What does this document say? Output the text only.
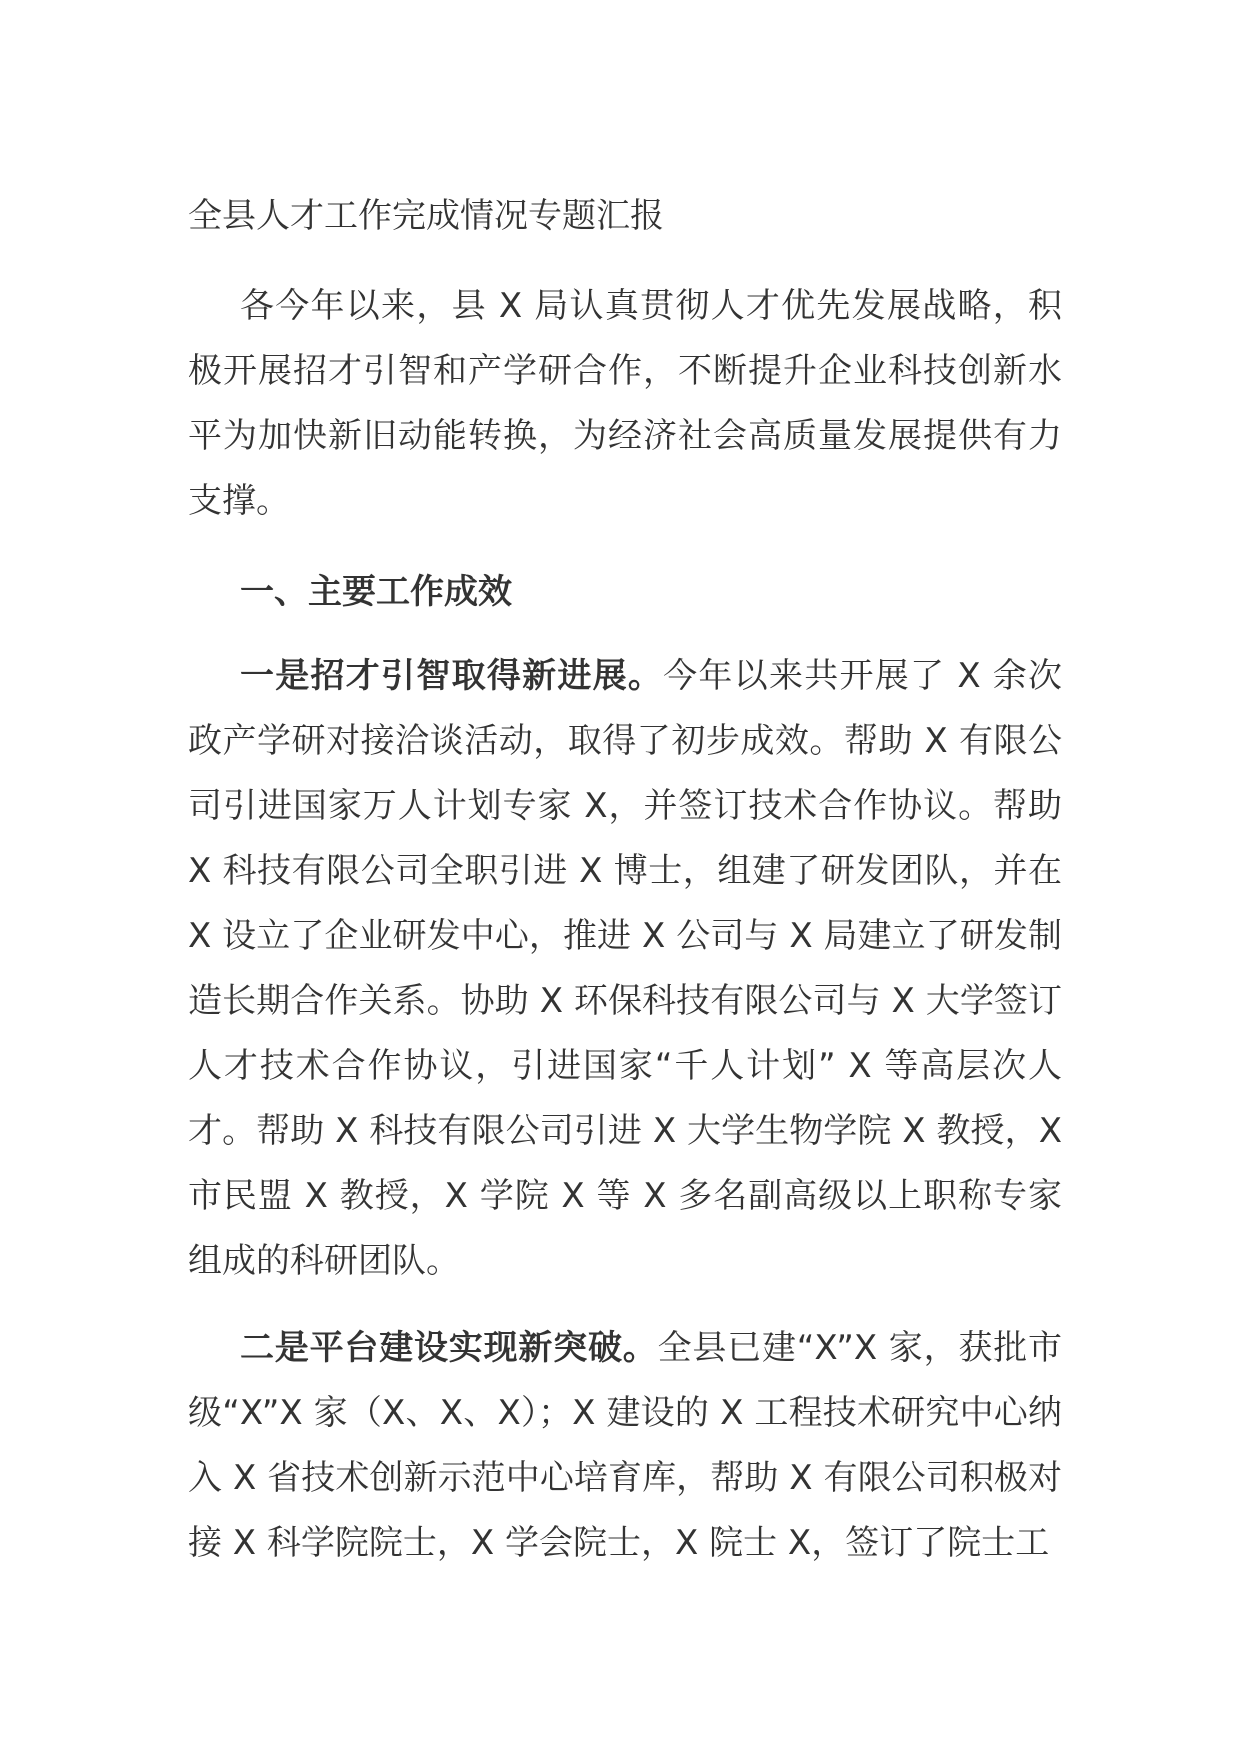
全县人才工作完成情况专题汇报

各今年以来，县 X 局认真贯彻人才优先发展战略，积极开展招才引智和产学研合作，不断提升企业科技创新水平为加快新旧动能转换，为经济社会高质量发展提供有力支撑。

一、主要工作成效

一是招才引智取得新进展。今年以来共开展了 X 余次政产学研对接洽谈活动，取得了初步成效。帮助 X 有限公司引进国家万人计划专家 X，并签订技术合作协议。帮助 X 科技有限公司全职引进 X 博士，组建了研发团队，并在 X 设立了企业研发中心，推进 X 公司与 X 局建立了研发制造长期合作关系。协助 X 环保科技有限公司与 X 大学签订人才技术合作协议，引进国家“千人计划” X 等高层次人才。帮助 X 科技有限公司引进 X 大学生物学院 X 教授，X 市民盟 X 教授，X 学院 X 等 X 多名副高级以上职称专家组成的科研团队。

二是平台建设实现新突破。全县已建“X”X 家，获批市级“X”X 家（X、X、X）；X 建设的 X 工程技术研究中心纳入 X 省技术创新示范中心培育库，帮助 X 有限公司积极对接 X 科学院院士，X 学会院士，X 院士 X，签订了院士工
